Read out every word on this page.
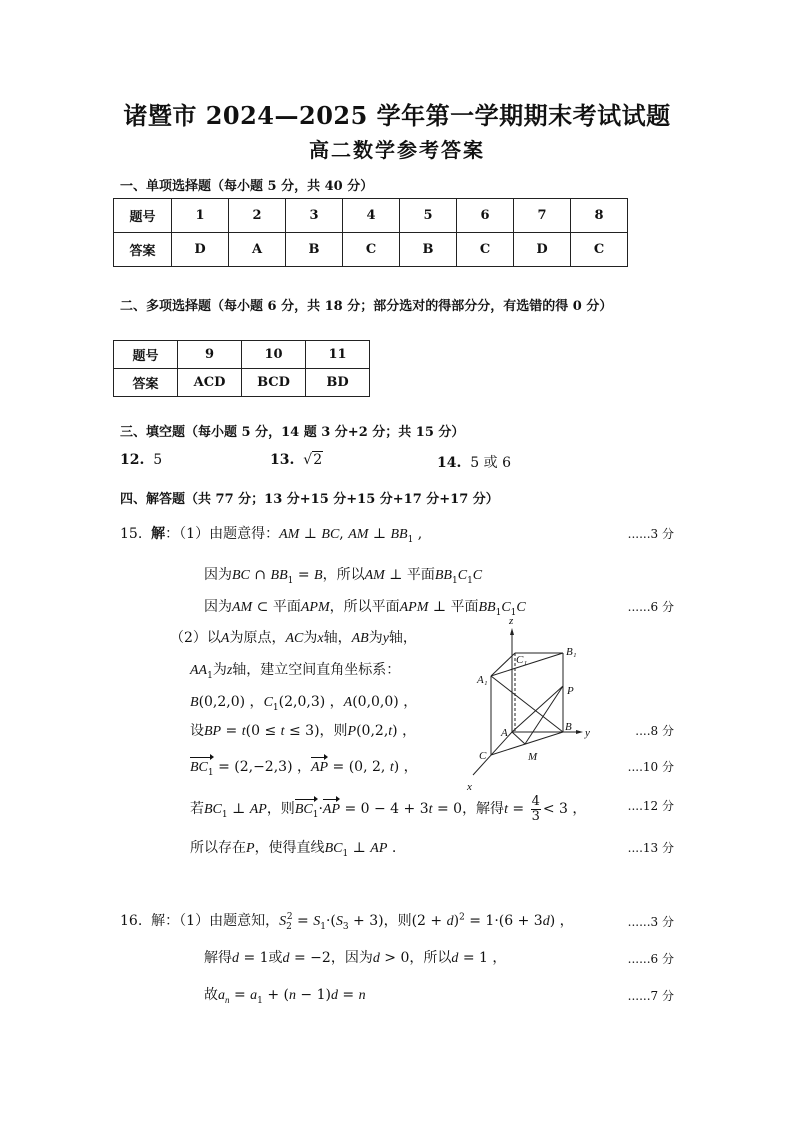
诸暨市 2024—2025 学年第一学期期末考试试题
高二数学参考答案
一、单项选择题（每小题 5 分，共 40 分）
题号	1	2	3	4	5	6	7	8
答案	D	A	B	C	B	C	D	C
二、多项选择题（每小题 6 分，共 18 分；部分选对的得部分分，有选错的得 0 分）
题号	9	10	11
答案	ACD	BCD	BD
三、填空题（每小题 5 分，14 题 3 分+2 分；共 15 分）
12. 5	13. √2	14. 5 或 6
四、解答题（共 77 分；13 分+15 分+15 分+17 分+17 分）
15. 解：（1）由题意得：AM ⊥ BC, AM ⊥ $BB_1$ ,	......3 分
因为BC ∩ $BB_1 = B$，所以AM ⊥ 平面$BB_1C_1C$
因为AM ⊂ 平面APM，所以平面APM ⊥ 平面$BB_1C_1C$	......6 分
（2）以A为原点，AC为x轴，AB为y轴，
$AA_1$为z轴，建立空间直角坐标系：
B(0,2,0) ，$C_1(2,0,3)$ ，A(0,0,0) ，
设BP = t(0 ≤ t ≤ 3)，则P(0,2,t) ，	....8 分
$BC_1 = (2,-2,3)$ ，AP = (0, 2, t) ，	....10 分
若$BC_1$ ⊥ AP，则$BC_1\cdot AP = 0 - 4 + 3t = 0$，解得$t = \frac{4}{3} < 3$ ，	....12 分
所以存在P，使得直线$BC_1$ ⊥ AP .	....13 分
z
C₁
B₁
A₁
P
A	B y
C	M
x
16. 解：（1）由题意知，$S_2^2 = S_1\cdot(S_3 + 3)$，则$(2 + d)^2 = 1\cdot(6 + 3d)$ ，	......3 分
解得d = 1或d = −2，因为d > 0，所以d = 1 ，	......6 分
故$a_n = a_1 + (n - 1)d = n$	......7 分
